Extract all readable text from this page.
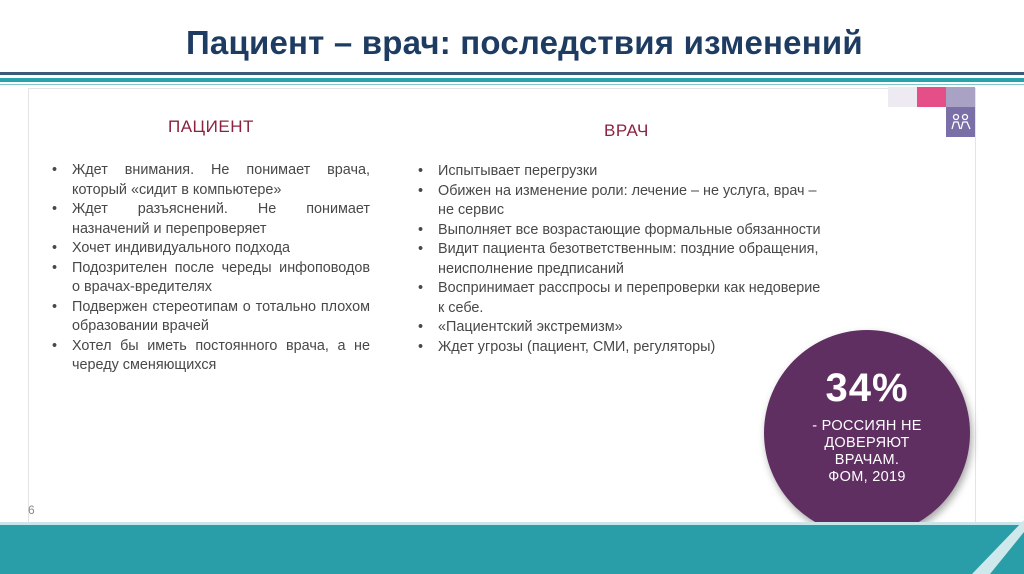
Пациент – врач: последствия изменений
ПАЦИЕНТ
• Ждет внимания. Не понимает врача, который «сидит в компьютере»
• Ждет разъяснений. Не понимает назначений и перепроверяет
• Хочет индивидуального подхода
• Подозрителен после череды инфоповодов о врачах-вредителях
• Подвержен стереотипам о тотально плохом образовании врачей
• Хотел бы иметь постоянного врача, а не череду сменяющихся
ВРАЧ
• Испытывает перегрузки
• Обижен на изменение роли: лечение – не услуга, врач – не сервис
• Выполняет все возрастающие формальные обязанности
• Видит пациента безответственным: поздние обращения, неисполнение предписаний
• Воспринимает расспросы и перепроверки как недоверие к себе.
• «Пациентский экстремизм»
• Ждет угрозы (пациент, СМИ, регуляторы)
34%
- РОССИЯН НЕ
ДОВЕРЯЮТ
ВРАЧАМ.
ФОМ, 2019
6
